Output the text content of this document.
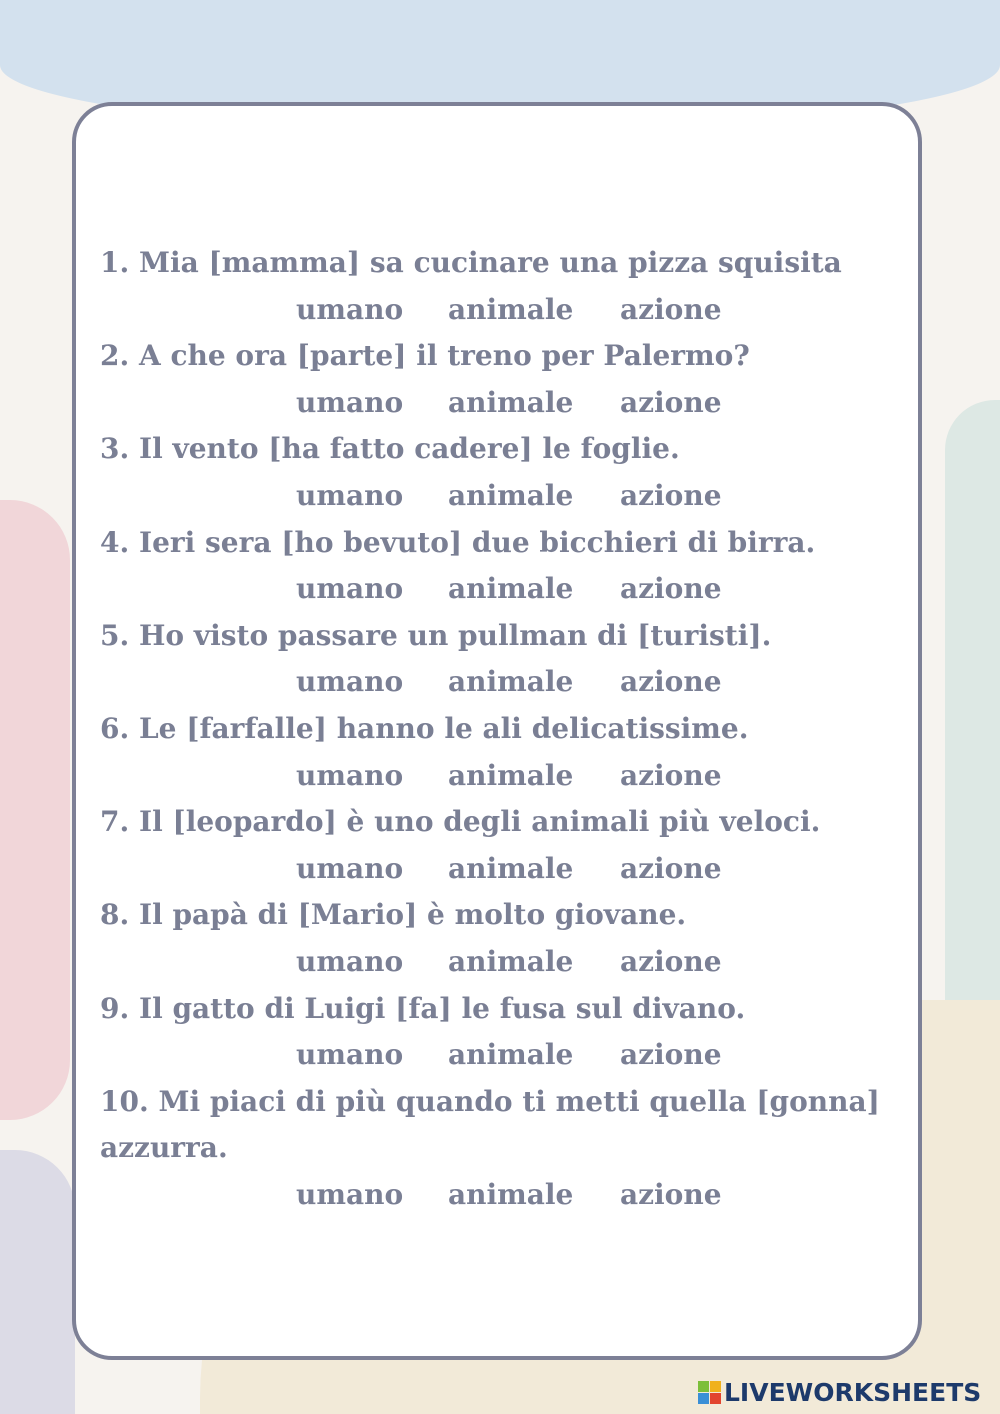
1. Mia [mamma] sa cucinare una pizza squisita

umano animale azione

2. A che ora [parte] il treno per Palermo?

umano animale azione

3. Il vento [ha fatto cadere] le foglie.

umano animale azione

4. Ieri sera [ho bevuto] due bicchieri di birra.

umano animale azione

5. Ho visto passare un pullman di [turisti].

umano animale azione

6. Le [farfalle] hanno le ali delicatissime.

umano animale azione

7. Il [leopardo] è uno degli animali più veloci.

umano animale azione

8. Il papà di [Mario] è molto giovane.

umano animale azione

9. Il gatto di Luigi [fa] le fusa sul divano.

umano animale azione

10. Mi piaci di più quando ti metti quella [gonna] azzurra.

umano animale azione
LIVEWORKSHEETS
